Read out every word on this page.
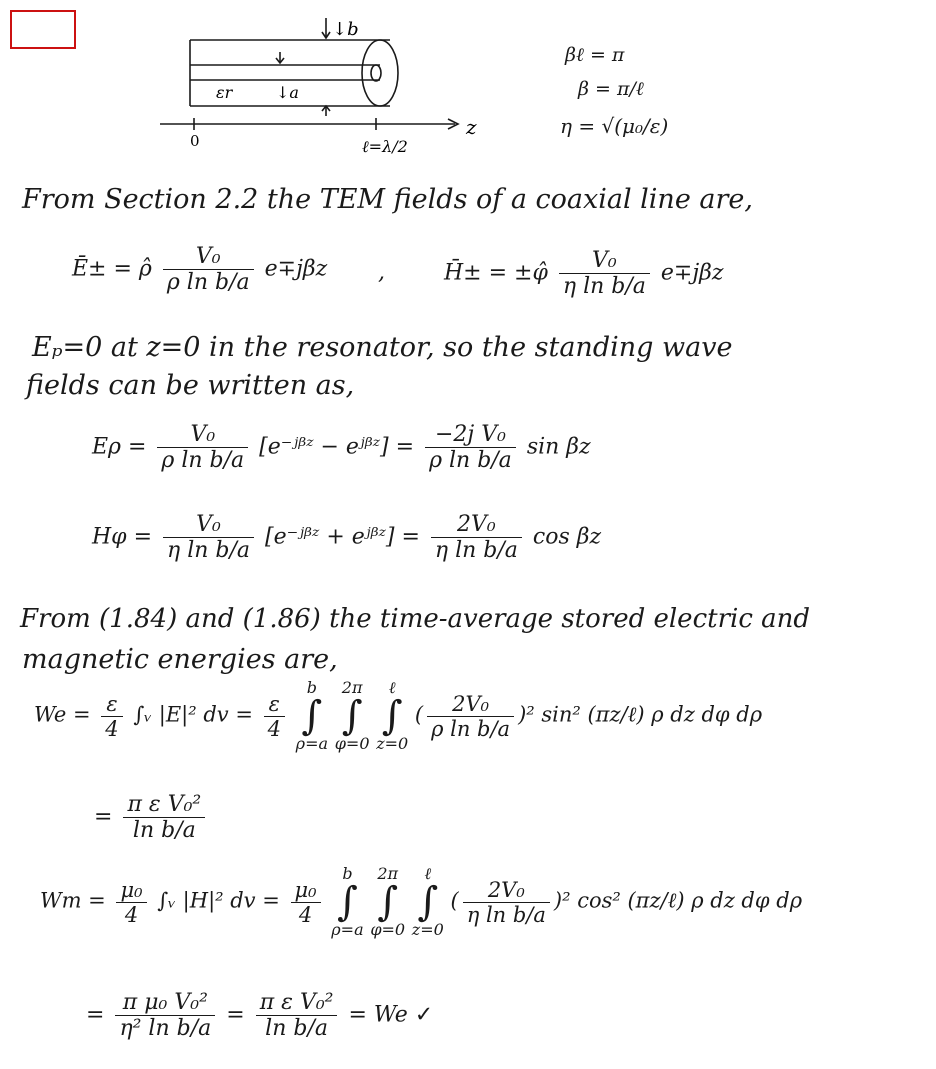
↓b
↓a
εr
0	ℓ=λ/2
z
βℓ = π
β = π/ℓ
η = √(μ₀/ε)
From Section 2.2 the TEM fields of a coaxial line are,
Ē± = ρ̂ $\frac{\text{V₀}}{\text{ρ ln b/a}} e\mp j\beta z$ ,	H̄± = ±φ̂ $\frac{\text{V₀}}{\text{η ln b/a}} e\mp j\beta z$
Eₚ=0 at z=0 in the resonator, so the standing wave
fields can be written as,
$E\rho = \frac{\text{V₀}}{\text{ρ ln b/a}}$ [e⁻ʲᵝᶻ − eʲᵝᶻ] = $\frac{\text{−2j V₀}}{\text{ρ ln b/a}}$ sin βz
$H\varphi = \frac{\text{V₀}}{\text{η ln b/a}}$ [e⁻ʲᵝᶻ + eʲᵝᶻ] = $\frac{\text{2V₀}}{\text{η ln b/a}}$ cos βz
From (1.84) and (1.86) the time-average stored electric and
magnetic energies are,
$We = \frac{\varepsilon}{4}$ ∫ᵥ |E|² dv = $\frac{\varepsilon}{4}$
b
∫
ρ=a 2π
∫
φ=0 ℓ
∫
z=0 ( $\frac{\text{2V₀}}{\text{ρ ln b/a}} )^2$ sin² (πz/ℓ) ρ dz dφ dρ
= $\frac{\text{π ε V₀²}}{\text{ln b/a}}$
$Wm = \frac{\text{μ₀}}{4}$ ∫ᵥ |H|² dv = $\frac{\text{μ₀}}{4}$
b
∫
ρ=a 2π
∫
φ=0 ℓ
∫
z=0 ( $\frac{\text{2V₀}}{\text{η ln b/a}} )^2$ cos² (πz/ℓ) ρ dz dφ dρ
= $\frac{\text{π μ₀ V₀²}}{\text{η² ln b/a}} = \frac{\text{π ε V₀²}}{\text{ln b/a}} = We$ ✓
